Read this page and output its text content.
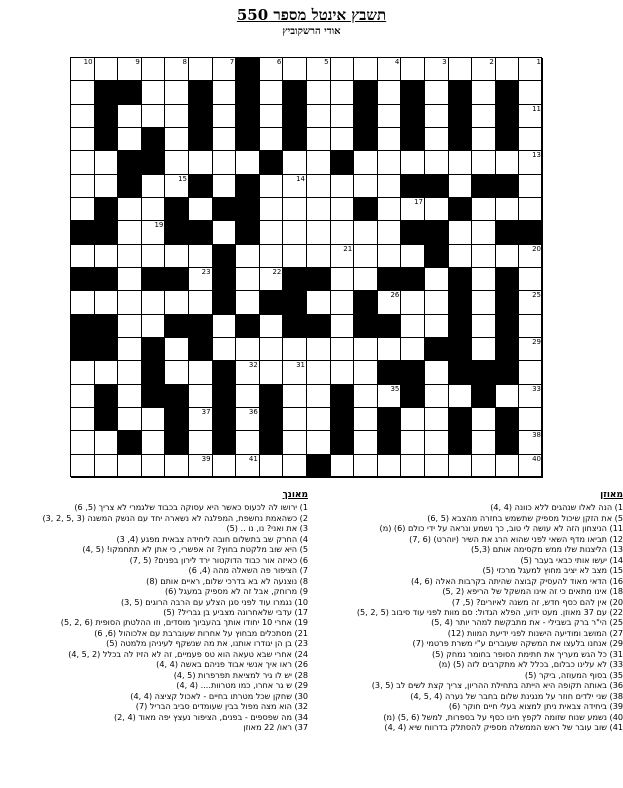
תשבץ אינטל מספר 550
אודי הרשקוביץ
1
2
3
4
5
6
7
8
9
10
11
13
14
15
17
19
20
21
22
23
25
26
29
31
32
33
35
36
37
38
40
41
39
מאוזן
1) הנה לאלו שנהגים ללא כוונה (4 ,4)
5) את הזקן שיכול מספיק שתשמש בחזרה מהצבא (5 ,6)
11) הניצחון הזה לא עושה לי טוב, כך נשמע ונראה על ידי כולם (6) (מ)
12) תביאו מדף השאי לפני שהוא הרג את השיר (יוהרט) (6 ,7)
13) הליצנות שלו ממש מקסימה אותם (5,3)
14) יעשו אותי כבאי בעבר (5)
15) מצב לא יציב מחוץ למעגל מרכזי (5)
16) הדאי מאוד להעסיק קבוצה שהיתה בקרבות האלה (6 ,4)
18) אינו מתאים כי זה אינו המשקל של הריפא (2 ,5)
20) אין להם כסף חדש, זה משנה לאיורים? (5, 7)
22) עם 37 מאוזן. מעט ידוע, הפלא הגדול: סם מוות לפני עוד סיבוב (5 ,2 ,5)
25) הי"ר ברק בשבילי - את מתבקשת למהר יותר (4 ,5)
27) המושב ומודיעה הישנות לפני ידיעת המוות (12)
29) אנחנו בלעצו את המשקה שעוברים ע"י משרת פרטמי (7)
31) כל הגש מעריך את חתימת הסופר בחומר נמחק (5)
33) לא עלינו כבלום, בכלל לא מתקרבים לזה (5) (מ)
35) בסוף המעוזה, ביקר (5)
36) באותה תקופה היא הייתה בתחילת ההריון, צריך קצת לשים לב (5 ,3)
38) שני ילדים חוזר על מנגינת שלום בחבר של נערה (4 ,5 ,4)
39) ביחידה צבאית ניתן למצוא בעלי חיים חוקר (6)
40) נשמע שנוח שזומה לקפץ חינו כסף על בספרות, למשל (6 ,5) (מ)
41) שוב עובר של ראש הממשלה מספיק להסתלק בדרווח שיא (4 ,4)
מאונך
1) ירושו לה לכעוס כאשר היא עסוקה בכבוד שלגמרי לא צריך (5, 6)
2) כשהאמת נחשפת, המפלגה לא נשארה יחד עם הנשק המשנה (3 ,5 ,2 ,3)
3) את ואני? נו, נו .. (5)
4) החרק שב בתשלום חובה ליחידה צבאית מפגע (4, 3)
5) היא שוב מלקטת בחוץ? זה אפשרי, כי אתן לא תתחמקו! (5 ,4)
6) כאיזה אור כבוד הדוקטור ירד לירון בפנים? (5 ,7)
7) הציפור פה השאלה מהה (4, 6)
8) נוצנעה לא בא בדרכי שלום, ראיים אותם (8)
9) מרוחק, אבל זה לא מספיק במעגל (6)
10) נגמרו עוד לפני סגן הצלע עם הרבה הרוגים (5 ,3)
17) עדבי שלאחרונה מצביע בן גבריל? (5)
19) אחרי 10 יחודו אותך בהעביוך מוסדים, וזו ההלטתן הסופית (6 ,2 ,5)
21) מסתכלים מבחוץ על אחרות שעוברבת עם אלכוהול (6, 6)
23) בן הן יגודרו אותנו, את מה שנשקף לעיניהן מלמטה (5)
24) אחרי שבא טעאה הוא טס פעמיים, זה לא הזיז לה בכלל (2 ,5 ,4)
26) ראו איך אנשי אבוד פניהם באשה (4 ,4)
28) יש לו גיר למציאת תפרפרות (5 ,4)
29) ש גר אחרו, כמו מטרוות.... (4 ,4)
30) שחקן שכל מטרתו בחיים - לאכול קציצה (4 ,4)
32) הוא מצה מפול בבין שעומדים סביב הבריל (7)
34) מה שפספים - בפנים, הציפור נעצץ יפה מאוד (4 ,2)
37) ראו/ 22 מאוזן
